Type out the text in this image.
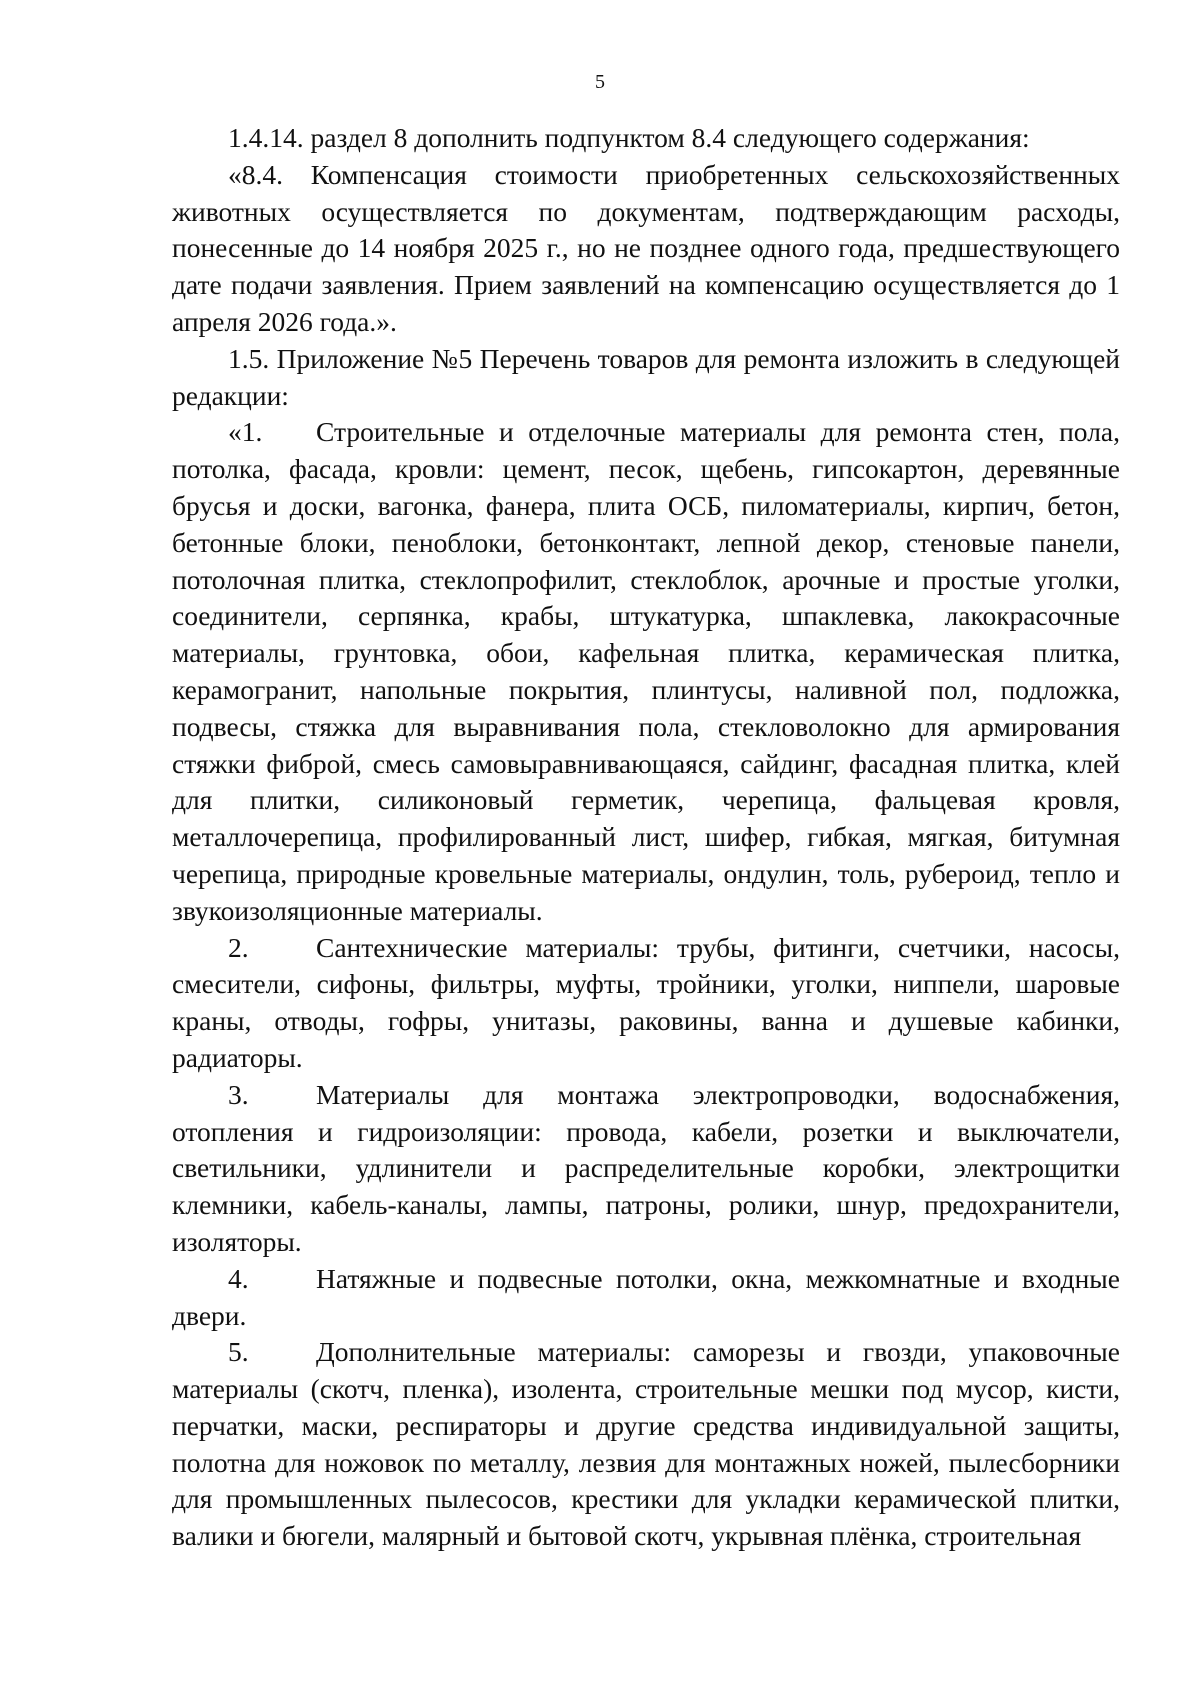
5

1.4.14. раздел 8 дополнить подпунктом 8.4 следующего содержания:

«8.4. Компенсация стоимости приобретенных сельскохозяйственных животных осуществляется по документам, подтверждающим расходы, понесенные до 14 ноября 2025 г., но не позднее одного года, предшествующего дате подачи заявления. Прием заявлений на компенсацию осуществляется до 1 апреля 2026 года.».

1.5. Приложение №5 Перечень товаров для ремонта изложить в следующей редакции:

«1. Строительные и отделочные материалы для ремонта стен, пола, потолка, фасада, кровли: цемент, песок, щебень, гипсокартон, деревянные брусья и доски, вагонка, фанера, плита ОСБ, пиломатериалы, кирпич, бетон, бетонные блоки, пеноблоки, бетонконтакт, лепной декор, стеновые панели, потолочная плитка, стеклопрофилит, стеклоблок, арочные и простые уголки, соединители, серпянка, крабы, штукатурка, шпаклевка, лакокрасочные материалы, грунтовка, обои, кафельная плитка, керамическая плитка, керамогранит, напольные покрытия, плинтусы, наливной пол, подложка, подвесы, стяжка для выравнивания пола, стекловолокно для армирования стяжки фиброй, смесь самовыравнивающаяся, сайдинг, фасадная плитка, клей для плитки, силиконовый герметик, черепица, фальцевая кровля, металлочерепица, профилированный лист, шифер, гибкая, мягкая, битумная черепица, природные кровельные материалы, ондулин, толь, рубероид, тепло и звукоизоляционные материалы.

2. Сантехнические материалы: трубы, фитинги, счетчики, насосы, смесители, сифоны, фильтры, муфты, тройники, уголки, ниппели, шаровые краны, отводы, гофры, унитазы, раковины, ванна и душевые кабинки, радиаторы.

3. Материалы для монтажа электропроводки, водоснабжения, отопления и гидроизоляции: провода, кабели, розетки и выключатели, светильники, удлинители и распределительные коробки, электрощитки клемники, кабель-каналы, лампы, патроны, ролики, шнур, предохранители, изоляторы.

4. Натяжные и подвесные потолки, окна, межкомнатные и входные двери.

5. Дополнительные материалы: саморезы и гвозди, упаковочные материалы (скотч, пленка), изолента, строительные мешки под мусор, кисти, перчатки, маски, респираторы и другие средства индивидуальной защиты, полотна для ножовок по металлу, лезвия для монтажных ножей, пылесборники для промышленных пылесосов, крестики для укладки керамической плитки, валики и бюгели, малярный и бытовой скотч, укрывная плёнка, строительная
